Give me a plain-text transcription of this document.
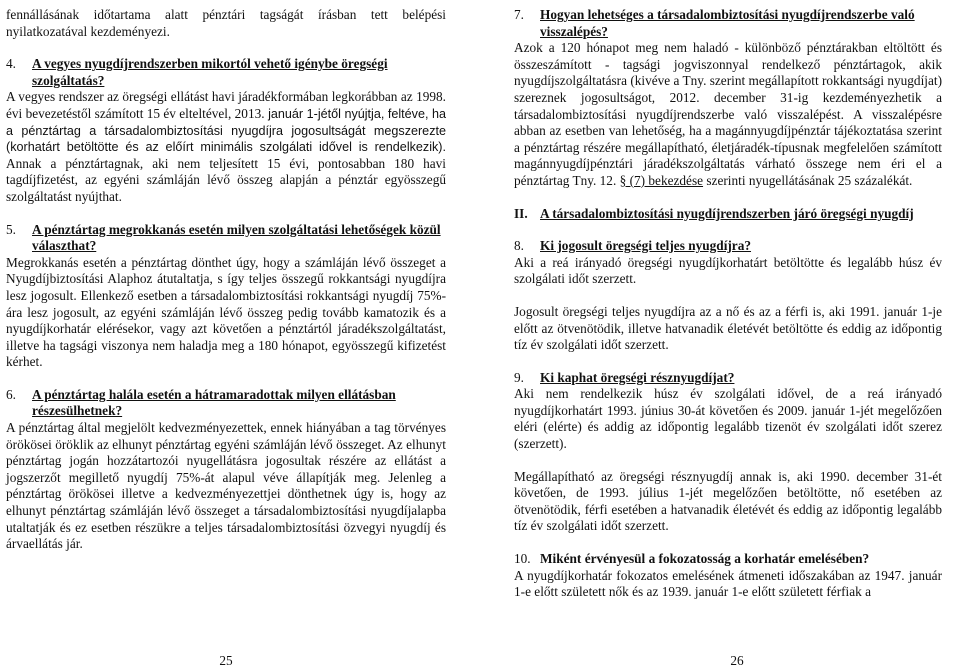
fennállásának időtartama alatt pénztári tagságát írásban tett belépési nyilatkozatával kezdeményezi.

4.	A vegyes nyugdíjrendszerben mikortól vehető igénybe öregségi szolgáltatás?

A vegyes rendszer az öregségi ellátást havi járadékformában legkorábban az 1998. évi bevezetéstől számított 15 év elteltével, 2013. január 1-jétől nyújtja, feltéve, ha a pénztártag a társadalombiztosítási nyugdíjra jogosultságát megszerezte (korhatárt betöltötte és az előírt minimális szolgálati idővel is rendelkezik). Annak a pénztártagnak, aki nem teljesített 15 évi, pontosabban 180 havi tagdíjfizetést, az egyéni számláján lévő összeg alapján a pénztár egyösszegű szolgáltatást nyújthat.

5.	A pénztártag megrokkanás esetén milyen szolgáltatási lehetőségek közül választhat?

Megrokkanás esetén a pénztártag dönthet úgy, hogy a számláján lévő összeget a Nyugdíjbiztosítási Alaphoz átutaltatja, s így teljes összegű rokkantsági nyugdíjra lesz jogosult. Ellenkező esetben a társadalombiztosítási rokkantsági nyugdíj 75%-ára lesz jogosult, az egyéni számláján lévő összeg pedig tovább kamatozik és a nyugdíjkorhatár elérésekor, vagy azt követően a pénztártól járadékszolgáltatást, illetve ha tagsági viszonya nem haladja meg a 180 hónapot, egyösszegű kifizetést kérhet.

6.	A pénztártag halála esetén a hátramaradottak milyen ellátásban részesülhetnek?

A pénztártag által megjelölt kedvezményezettek, ennek hiányában a tag törvényes örökösei öröklik az elhunyt pénztártag egyéni számláján lévő összeget. Az elhunyt pénztártag jogán hozzátartozói nyugellátásra jogosultak részére az ellátást a jogszerzőt megillető nyugdíj 75%-át alapul véve állapítják meg. Jelenleg a pénztártag örökösei illetve a kedvezményezettjei dönthetnek úgy is, hogy az elhunyt pénztártag számláján lévő összeget a társadalombiztosítási nyugdíjalapba utaltatják és ez esetben részükre a teljes társadalombiztosítási özvegyi nyugdíj és árvaellátás jár.

25
7.	Hogyan lehetséges a társadalombiztosítási nyugdíjrendszerbe való visszalépés?

Azok a 120 hónapot meg nem haladó - különböző pénztárakban eltöltött és összeszámított - tagsági jogviszonnyal rendelkező pénztártagok, akik nyugdíjszolgáltatásra (kivéve a Tny. szerint megállapított rokkantsági nyugdíjat) szereznek jogosultságot, 2012. december 31-ig kezdeményezhetik a társadalombiztosítási nyugdíjrendszerbe való visszalépést. A visszalépésre abban az esetben van lehetőség, ha a magánnyugdíjpénztár tájékoztatása szerint a pénztártag részére megállapítható, életjáradék-típusnak megfelelően számított magánnyugdíjpénztári járadékszolgáltatás várható összege nem éri el a pénztártag Tny. 12. § (7) bekezdése szerinti nyugellátásának 25 százalékát.

II. A társadalombiztosítási nyugdíjrendszerben járó öregségi nyugdíj
8.	Ki jogosult öregségi teljes nyugdíjra?

Aki a reá irányadó öregségi nyugdíjkorhatárt betöltötte és legalább húsz év szolgálati időt szerzett.

Jogosult öregségi teljes nyugdíjra az a nő és az a férfi is, aki 1991. január 1-je előtt az ötvenötödik, illetve hatvanadik életévét betöltötte és eddig az időpontig tíz év szolgálati időt szerzett.

9.	Ki kaphat öregségi résznyugdíjat?

Aki nem rendelkezik húsz év szolgálati idővel, de a reá irányadó nyugdíjkorhatárt 1993. június 30-át követően és 2009. január 1-jét megelőzően eléri (elérte) és addig az időpontig legalább tizenöt év szolgálati időt szerez (szerzett).

Megállapítható az öregségi résznyugdíj annak is, aki 1990. december 31-ét követően, de 1993. július 1-jét megelőzően betöltötte, nő esetében az ötvenötödik, férfi esetében a hatvanadik életévét és eddig az időpontig legalább tíz év szolgálati időt szerzett.

10. Miként érvényesül a fokozatosság a korhatár emelésében?

A nyugdíjkorhatár fokozatos emelésének átmeneti időszakában az 1947. január 1-e előtt született nők és az 1939. január 1-e előtt született férfiak a

26
